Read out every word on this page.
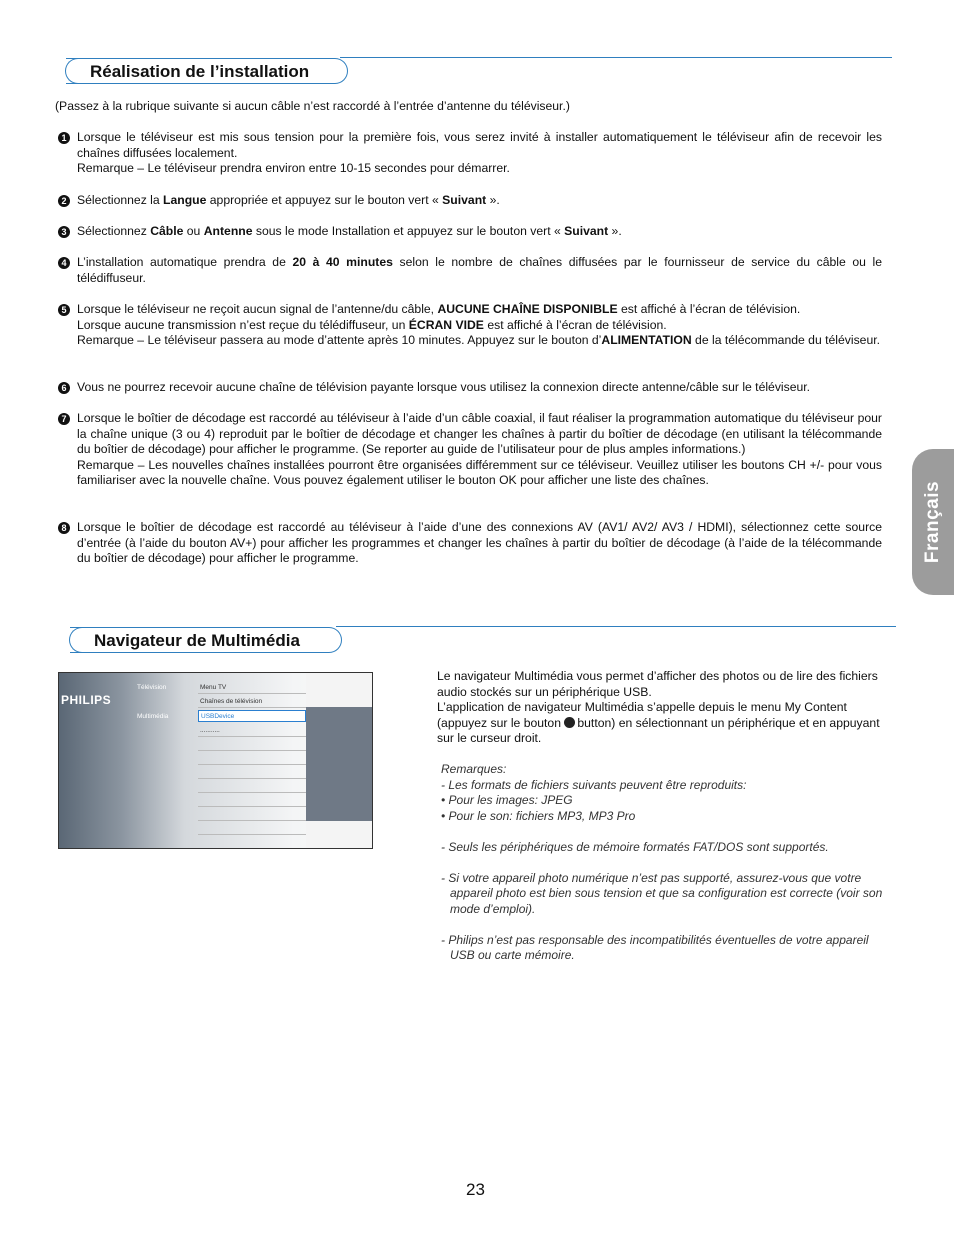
Réalisation de l’installation
(Passez à la rubrique suivante si aucun câble n’est raccordé à l’entrée d’antenne du téléviseur.)
1 Lorsque le téléviseur est mis sous tension pour la première fois, vous serez invité à installer automatiquement le téléviseur afin de recevoir les chaînes diffusées localement.
Remarque – Le téléviseur prendra environ entre 10-15 secondes pour démarrer.
2 Sélectionnez la Langue appropriée et appuyez sur le bouton vert « Suivant ».
3 Sélectionnez Câble ou Antenne sous le mode Installation et appuyez sur le bouton vert « Suivant ».
4 L’installation automatique prendra de 20 à 40 minutes selon le nombre de chaînes diffusées par le fournisseur de service du câble ou le télédiffuseur.
5 Lorsque le téléviseur ne reçoit aucun signal de l’antenne/du câble, AUCUNE CHAÎNE DISPONIBLE est affiché à l’écran de télévision.
Lorsque aucune transmission n’est reçue du télédiffuseur, un ÉCRAN VIDE est affiché à l’écran de télévision.
Remarque – Le téléviseur passera au mode d’attente après 10 minutes. Appuyez sur le bouton d’ALIMENTATION de la télécommande du téléviseur.
6 Vous ne pourrez recevoir aucune chaîne de télévision payante lorsque vous utilisez la connexion directe antenne/câble sur le téléviseur.
7 Lorsque le boîtier de décodage est raccordé au téléviseur à l’aide d’un câble coaxial, il faut réaliser la programmation automatique du téléviseur pour la chaîne unique (3 ou 4) reproduit par le boîtier de décodage et changer les chaînes à partir du boîtier de décodage (en utilisant la télécommande du boîtier de décodage) pour afficher le programme. (Se reporter au guide de l’utilisateur pour de plus amples informations.)
Remarque – Les nouvelles chaînes installées pourront être organisées différemment sur ce téléviseur. Veuillez utiliser les boutons CH +/- pour vous familiariser avec la nouvelle chaîne. Vous pouvez également utiliser le bouton OK pour afficher une liste des chaînes.
8 Lorsque le boîtier de décodage est raccordé au téléviseur à l’aide d’une des connexions AV (AV1/ AV2/ AV3 / HDMI), sélectionnez cette source d’entrée (à l’aide du bouton AV+) pour afficher les programmes et changer les chaînes à partir du boîtier de décodage (à l’aide de la télécommande du boîtier de décodage) pour afficher le programme.	Français
Navigateur de Multimédia
PHILIPS
Télévision
Multimédia
Menu TV
Chaînes de télévision
USBDevice
...........
Le navigateur Multimédia vous permet d’afficher des photos ou de lire des fichiers audio stockés sur un périphérique USB.
L’application de navigateur Multimédia s’appelle depuis le menu My Content (appuyez sur le bouton button) en sélectionnant un périphérique et en appuyant sur le curseur droit.
Remarques:
- Les formats de fichiers suivants peuvent être reproduits:
• Pour les images: JPEG
• Pour le son: fichiers MP3, MP3 Pro

- Seuls les périphériques de mémoire formatés FAT/DOS sont supportés.

- Si votre appareil photo numérique n’est pas supporté, assurez-vous que votre appareil photo est bien sous tension et que sa configuration est correcte (voir son mode d’emploi).

- Philips n’est pas responsable des incompatibilités éventuelles de votre appareil USB ou carte mémoire.
23
